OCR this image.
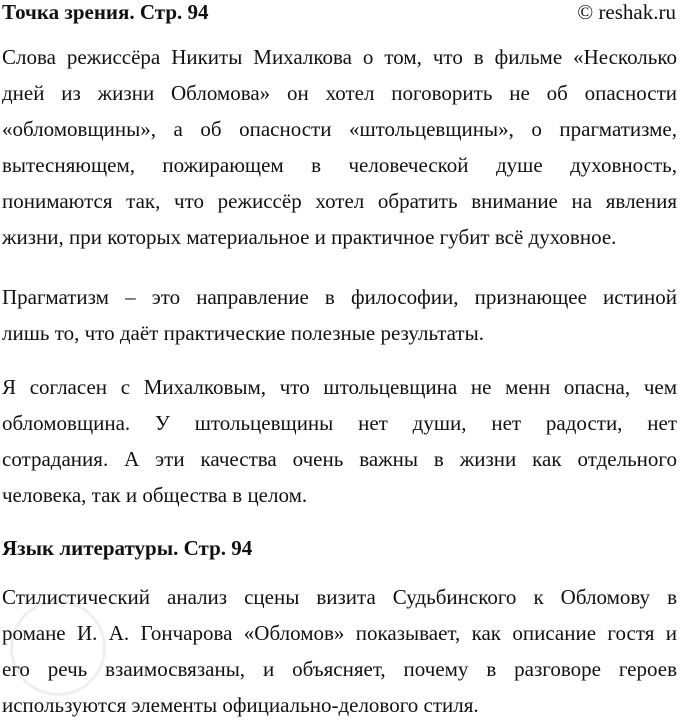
Точка зрения. Стр. 94	© reshak.ru
Слова режиссёра Никиты Михалкова о том, что в фильме «Несколько
дней из жизни Обломова» он хотел поговорить не об опасности
«обломовщины», а об опасности «штольцевщины», о прагматизме,
вытесняющем, пожирающем в человеческой душе духовность,
понимаются так, что режиссёр хотел обратить внимание на явления
жизни, при которых материальное и практичное губит всё духовное.
Прагматизм – это направление в философии, признающее истиной
лишь то, что даёт практические полезные результаты.
Я согласен с Михалковым, что штольцевщина не менн опасна, чем
обломовщина. У штольцевщины нет души, нет радости, нет
сотрадания. А эти качества очень важны в жизни как отдельного
человека, так и общества в целом.
Язык литературы. Стр. 94
Стилистический анализ сцены визита Судьбинского к Обломову в
романе И. А. Гончарова «Обломов» показывает, как описание гостя и
его речь взаимосвязаны, и объясняет, почему в разговоре героев
используются элементы официально-делового стиля.
